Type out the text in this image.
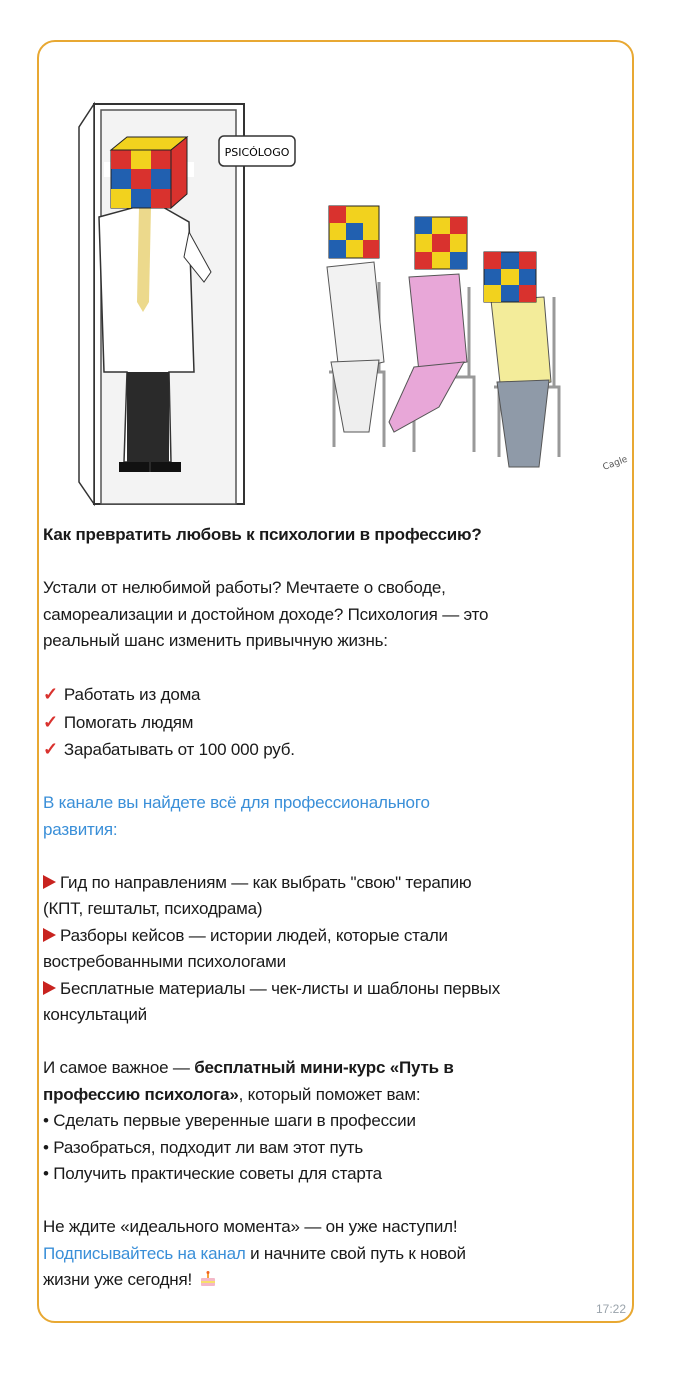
PSICÓLOGO
Cagle

Как превратить любовь к психологии в профессию?

Устали от нелюбимой работы? Мечтаете о свободе,

самореализации и достойном доходе? Психология — это

реальный шанс изменить привычную жизнь:

✓ Работать из дома

✓ Помогать людям

✓ Зарабатывать от 100 000 руб.

В канале вы найдете всё для профессионального

развития:

Гид по направлениям — как выбрать "свою" терапию

(КПТ, гештальт, психодрама)

Разборы кейсов — истории людей, которые стали

востребованными психологами

Бесплатные материалы — чек-листы и шаблоны первых

консультаций

И самое важное — бесплатный мини-курс «Путь в

профессию психолога», который поможет вам:

• Сделать первые уверенные шаги в профессии

• Разобраться, подходит ли вам этот путь

• Получить практические советы для старта

Не ждите «идеального момента» — он уже наступил!

Подписывайтесь на канал и начните свой путь к новой

жизни уже сегодня!

17:22
